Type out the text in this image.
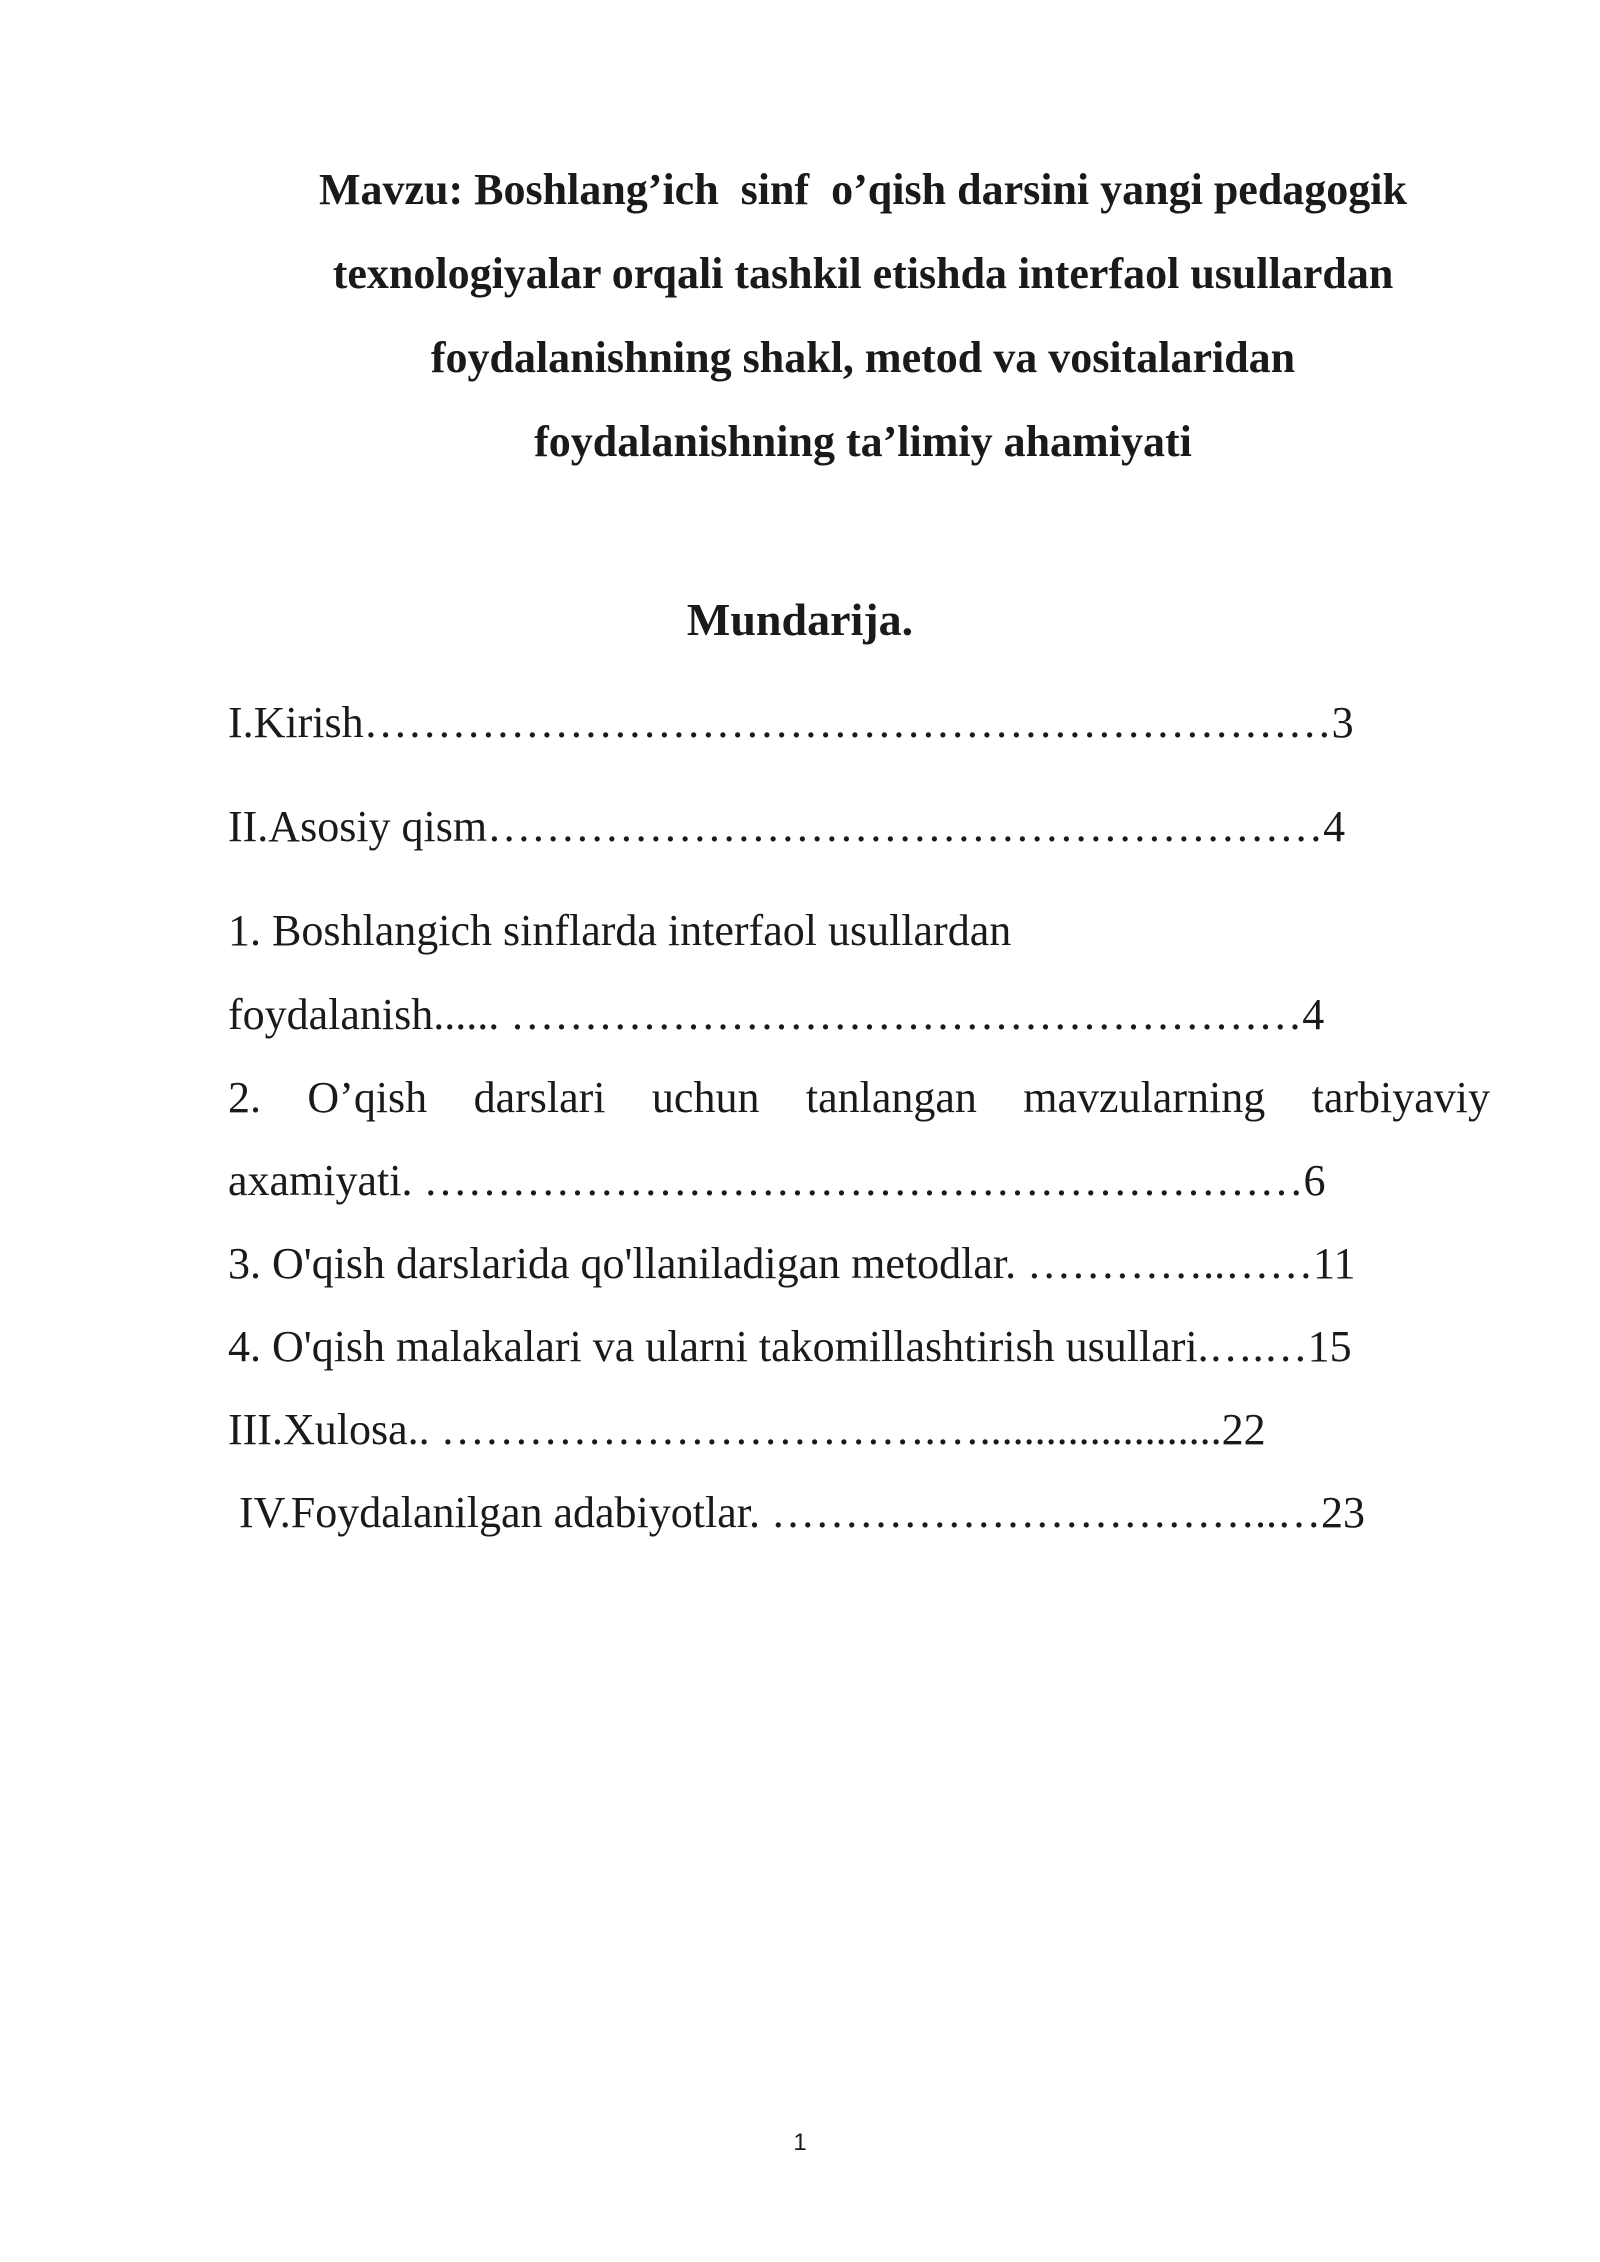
Mavzu: Boshlang’ich  sinf  o’qish darsini yangi pedagogik
texnologiyalar orqali tashkil etishda interfaol usullardan
foydalanishning shakl, metod va vositalaridan
foydalanishning ta’limiy ahamiyati
Mundarija.
I.Kirish…………………………………………………………3
II.Asosiy qism…………………………………………………4
1. Boshlangich sinflarda interfaol usullardan
foydalanish...... ………………………………………………4
2. O’qish darslari uchun tanlangan mavzularning tarbiyaviy
axamiyati. ……………………………………………………6
3. O'qish darslarida qo'llaniladigan metodlar. …………..……11
4. O'qish malakalari va ularni takomillashtirish usullari.….…15
III.Xulosa.. …………………………….…......................22
IV.Foydalanilgan adabiyotlar. ……………………………..…23
1
